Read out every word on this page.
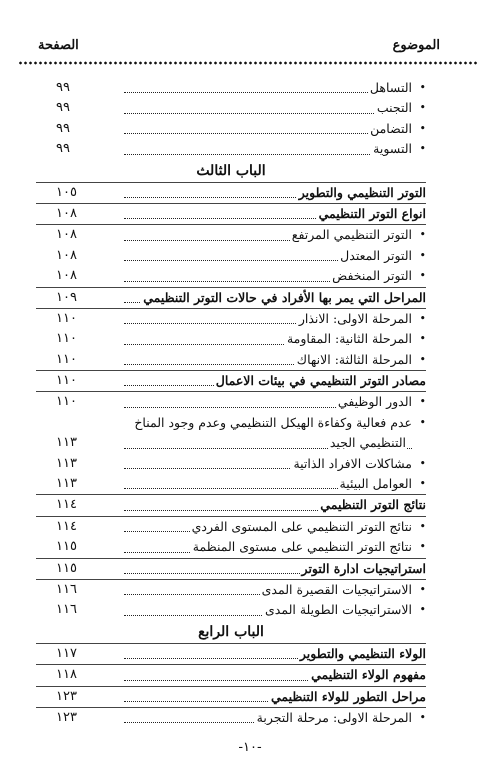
الموضوع
الصفحة
•
التساهل
٩٩
•
التجنب
٩٩
•
التضامن
٩٩
•
التسوية
٩٩
الباب الثالث
التوتر التنظيمي والتطوير
١٠٥
انواع التوتر التنظيمي
١٠٨
•
التوتر التنظيمي المرتفع
١٠٨
•
التوتر المعتدل
١٠٨
•
التوتر المنخفض
١٠٨
المراحل التي يمر بها الأفراد في حالات التوتر التنظيمي
١٠٩
•
المرحلة الاولى: الانذار
١١٠
•
المرحلة الثانية: المقاومة
١١٠
•
المرحلة الثالثة: الانهاك
١١٠
مصادر التوتر التنظيمي في بيئات الاعمال
١١٠
•
الدور الوظيفي
١١٠
•
عدم فعالية وكفاءة الهيكل التنظيمي وعدم وجود المناخ
التنظيمي الجيد
١١٣
•
مشاكلات الافراد الذاتية
١١٣
•
العوامل البيئية
١١٣
نتائج التوتر التنظيمي
١١٤
•
نتائج التوتر التنظيمي على المستوى الفردي
١١٤
•
نتائج التوتر التنظيمي على مستوى المنظمة
١١٥
استراتيجيات ادارة التوتر
١١٥
•
الاستراتيجيات القصيرة المدى
١١٦
•
الاستراتيجيات الطويلة المدى
١١٦
الباب الرابع
الولاء التنظيمي والتطوير
١١٧
مفهوم الولاء التنظيمي
١١٨
مراحل التطور للولاء التنظيمي
١٢٣
•
المرحلة الاولى: مرحلة التجربة
١٢٣
-١٠-
